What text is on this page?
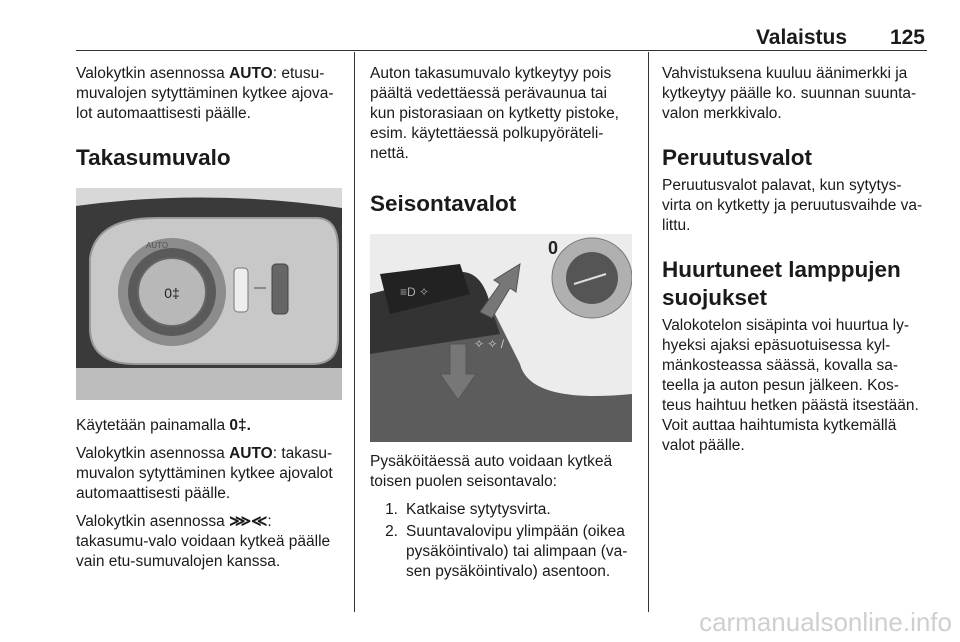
Valaistus 125

Valokytkin asennossa AUTO: etusu-muvalojen sytyttäminen kytkee ajova-lot automaattisesti päälle.

Takasumuvalo
0‡
AUTO

Käytetään painamalla 0‡.

Valokytkin asennossa AUTO: takasu-muvalon sytyttäminen kytkee ajovalot automaattisesti päälle.

Valokytkin asennossa ⋙≪: takasumu-valo voidaan kytkeä päälle vain etu-sumuvalojen kanssa.

Auton takasumuvalo kytkeytyy pois päältä vedettäessä perävaunua tai kun pistorasiaan on kytketty pistoke, esim. käytettäessä polkupyöräteli-nettä.

Seisontavalot
≡D ✧
✧ ✧ /
0

Pysäköitäessä auto voidaan kytkeä toisen puolen seisontavalo:

1. Katkaise sytytysvirta.
2. Suuntavalovipu ylimpään (oikea pysäköintivalo) tai alimpaan (va-sen pysäköintivalo) asentoon.

Vahvistuksena kuuluu äänimerkki ja kytkeytyy päälle ko. suunnan suunta-valon merkkivalo.

Peruutusvalot

Peruutusvalot palavat, kun sytytys-virta on kytketty ja peruutusvaihde va-littu.

Huurtuneet lamppujen suojukset

Valokotelon sisäpinta voi huurtua ly-hyeksi ajaksi epäsuotuisessa kyl-mänkosteassa säässä, kovalla sa-teella ja auton pesun jälkeen. Kos-teus haihtuu hetken päästä itsestään. Voit auttaa haihtumista kytkemällä valot päälle.

carmanualsonline.info
